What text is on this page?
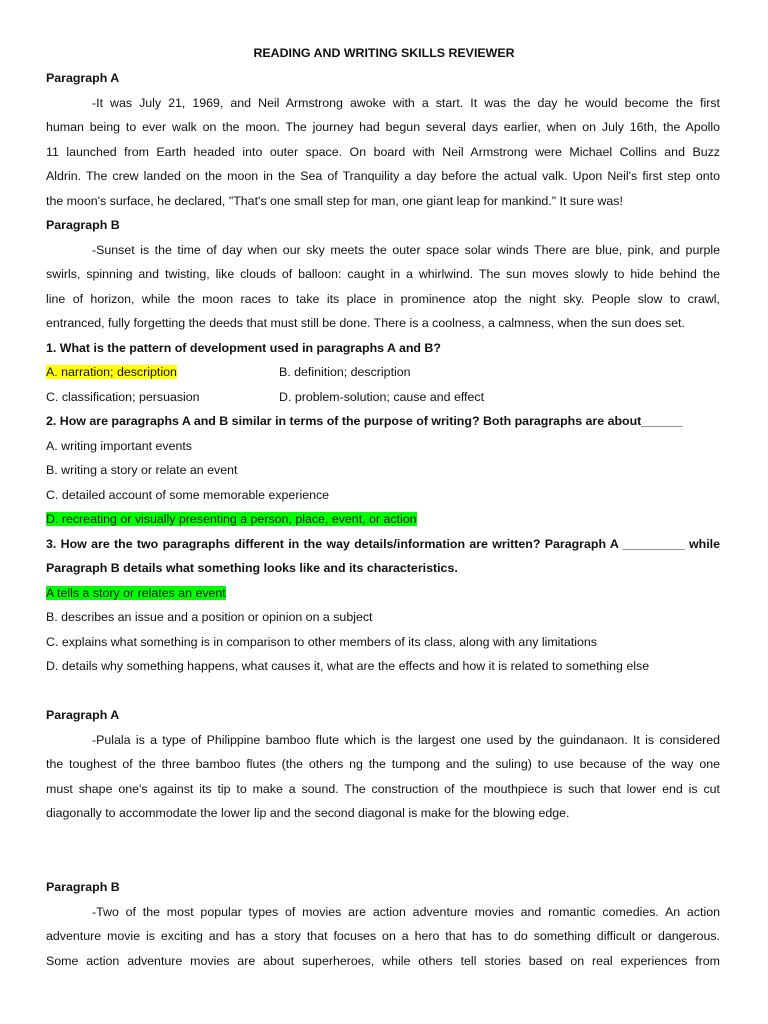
READING AND WRITING SKILLS REVIEWER
Paragraph A
-It was July 21, 1969, and Neil Armstrong awoke with a start. It was the day he would become the first
human being to ever walk on the moon. The journey had begun several days earlier, when on July 16th, the Apollo
11 launched from Earth headed into outer space. On board with Neil Armstrong were Michael Collins and Buzz
Aldrin. The crew landed on the moon in the Sea of Tranquility a day before the actual valk. Upon Neil's first step onto
the moon's surface, he declared, "That's one small step for man, one giant leap for mankind." It sure was!
Paragraph B
-Sunset is the time of day when our sky meets the outer space solar winds There are blue, pink, and purple
swirls, spinning and twisting, like clouds of balloon: caught in a whirlwind. The sun moves slowly to hide behind the
line of horizon, while the moon races to take its place in prominence atop the night sky. People slow to crawl,
entranced, fully forgetting the deeds that must still be done. There is a coolness, a calmness, when the sun does set.
1. What is the pattern of development used in paragraphs A and B?
A. narration; description	B. definition; description
C. classification; persuasion	D. problem-solution; cause and effect
2. How are paragraphs A and B similar in terms of the purpose of writing? Both paragraphs are about______
A. writing important events
B. writing a story or relate an event
C. detailed account of some memorable experience
D. recreating or visually presenting a person, place, event, or action
3. How are the two paragraphs different in the way details/information are written? Paragraph A _________ while
Paragraph B details what something looks like and its characteristics.
A tells a story or relates an event
B. describes an issue and a position or opinion on a subject
C. explains what something is in comparison to other members of its class, along with any limitations
D. details why something happens, what causes it, what are the effects and how it is related to something else
Paragraph A
-Pulala is a type of Philippine bamboo flute which is the largest one used by the guindanaon. It is considered
the toughest of the three bamboo flutes (the others ng the tumpong and the suling) to use because of the way one
must shape one's against its tip to make a sound. The construction of the mouthpiece is such that lower end is cut
diagonally to accommodate the lower lip and the second diagonal is make for the blowing edge.
Paragraph B
-Two of the most popular types of movies are action adventure movies and romantic comedies. An action
adventure movie is exciting and has a story that focuses on a hero that has to do something difficult or dangerous.
Some action adventure movies are about superheroes, while others tell stories based on real experiences from
